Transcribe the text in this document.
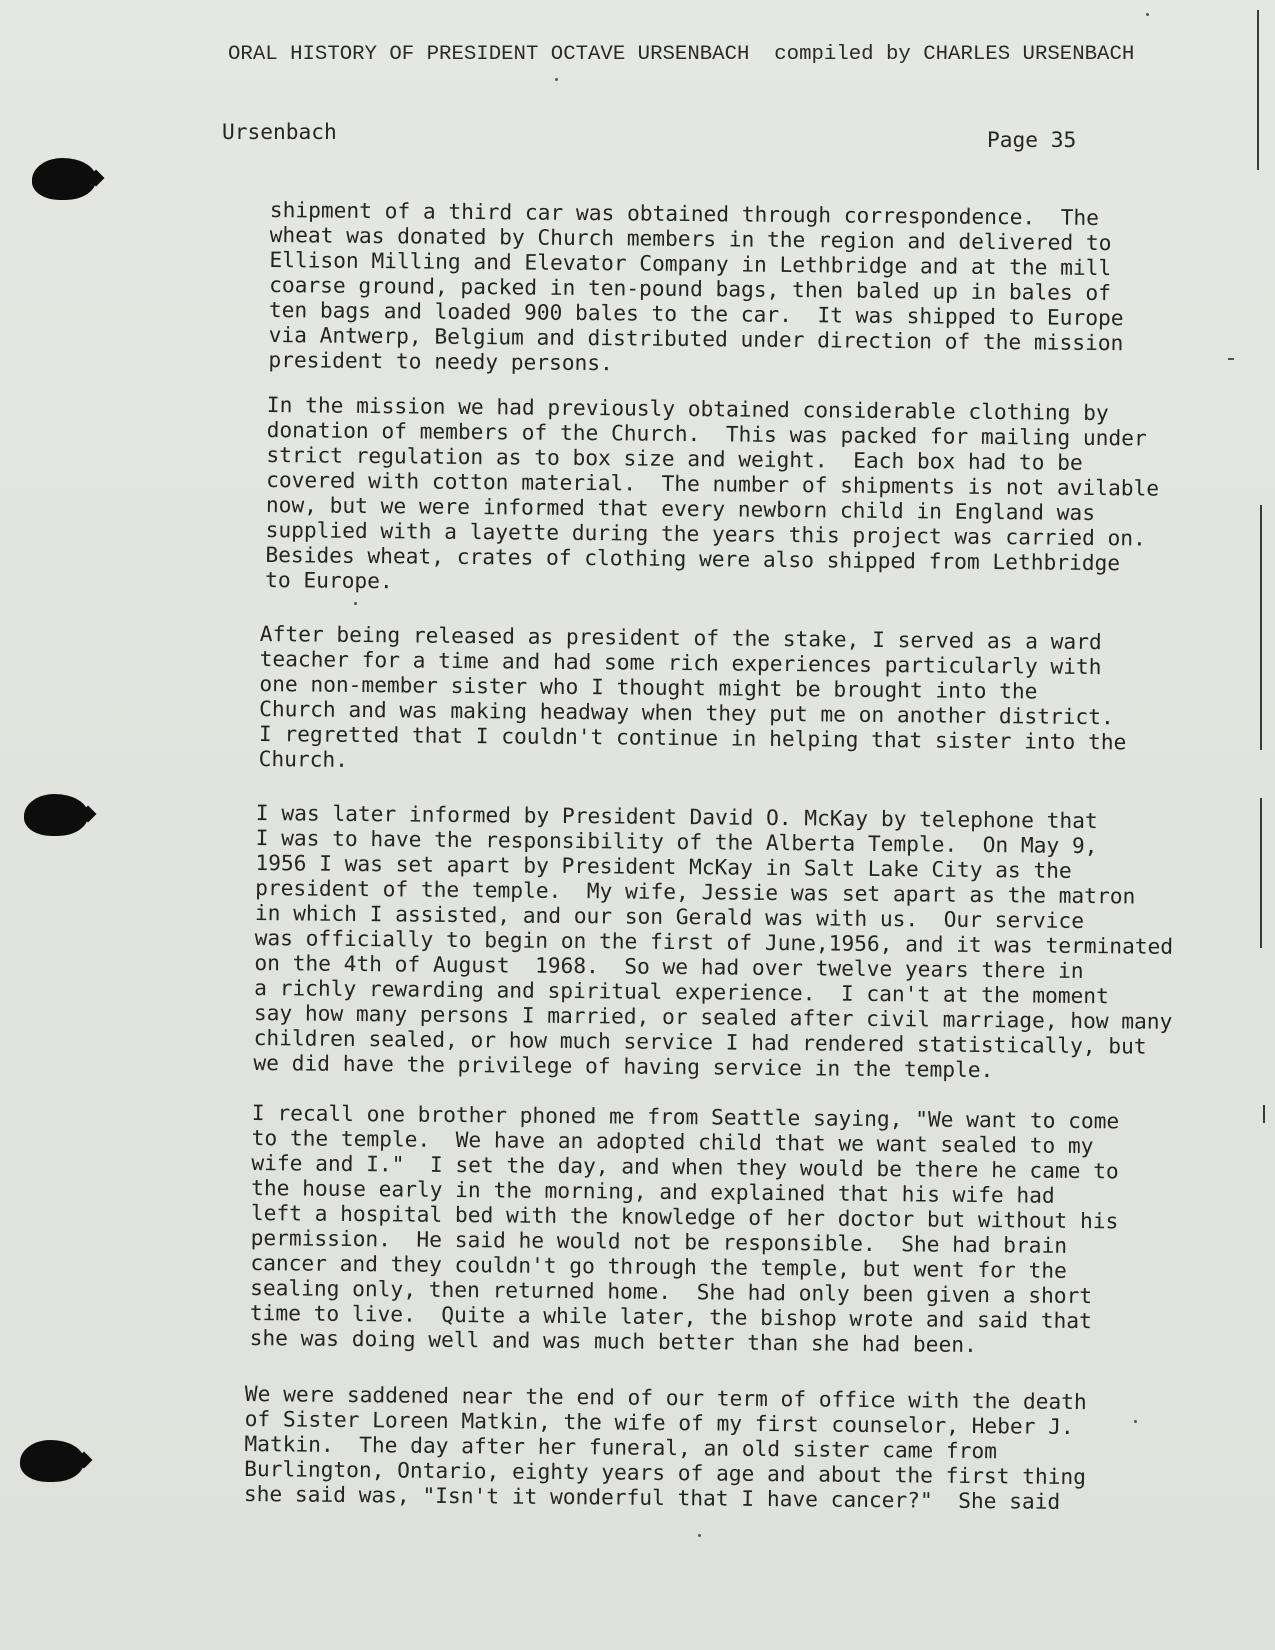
ORAL HISTORY OF PRESIDENT OCTAVE URSENBACH compiled by CHARLES URSENBACH
Ursenbach	Page 35

shipment of a third car was obtained through correspondence.  The
wheat was donated by Church members in the region and delivered to
Ellison Milling and Elevator Company in Lethbridge and at the mill
coarse ground, packed in ten-pound bags, then baled up in bales of
ten bags and loaded 900 bales to the car.  It was shipped to Europe
via Antwerp, Belgium and distributed under direction of the mission
president to needy persons.

In the mission we had previously obtained considerable clothing by
donation of members of the Church.  This was packed for mailing under
strict regulation as to box size and weight.  Each box had to be
covered with cotton material.  The number of shipments is not avilable
now, but we were informed that every newborn child in England was
supplied with a layette during the years this project was carried on.
Besides wheat, crates of clothing were also shipped from Lethbridge
to Europe.

After being released as president of the stake, I served as a ward
teacher for a time and had some rich experiences particularly with
one non-member sister who I thought might be brought into the
Church and was making headway when they put me on another district.
I regretted that I couldn't continue in helping that sister into the
Church.

I was later informed by President David O. McKay by telephone that
I was to have the responsibility of the Alberta Temple.  On May 9,
1956 I was set apart by President McKay in Salt Lake City as the
president of the temple.  My wife, Jessie was set apart as the matron
in which I assisted, and our son Gerald was with us.  Our service
was officially to begin on the first of June,1956, and it was terminated
on the 4th of August  1968.  So we had over twelve years there in
a richly rewarding and spiritual experience.  I can't at the moment
say how many persons I married, or sealed after civil marriage, how many
children sealed, or how much service I had rendered statistically, but
we did have the privilege of having service in the temple.

I recall one brother phoned me from Seattle saying, "We want to come
to the temple.  We have an adopted child that we want sealed to my
wife and I."  I set the day, and when they would be there he came to
the house early in the morning, and explained that his wife had
left a hospital bed with the knowledge of her doctor but without his
permission.  He said he would not be responsible.  She had brain
cancer and they couldn't go through the temple, but went for the
sealing only, then returned home.  She had only been given a short
time to live.  Quite a while later, the bishop wrote and said that
she was doing well and was much better than she had been.

We were saddened near the end of our term of office with the death
of Sister Loreen Matkin, the wife of my first counselor, Heber J.
Matkin.  The day after her funeral, an old sister came from
Burlington, Ontario, eighty years of age and about the first thing
she said was, "Isn't it wonderful that I have cancer?"  She said
